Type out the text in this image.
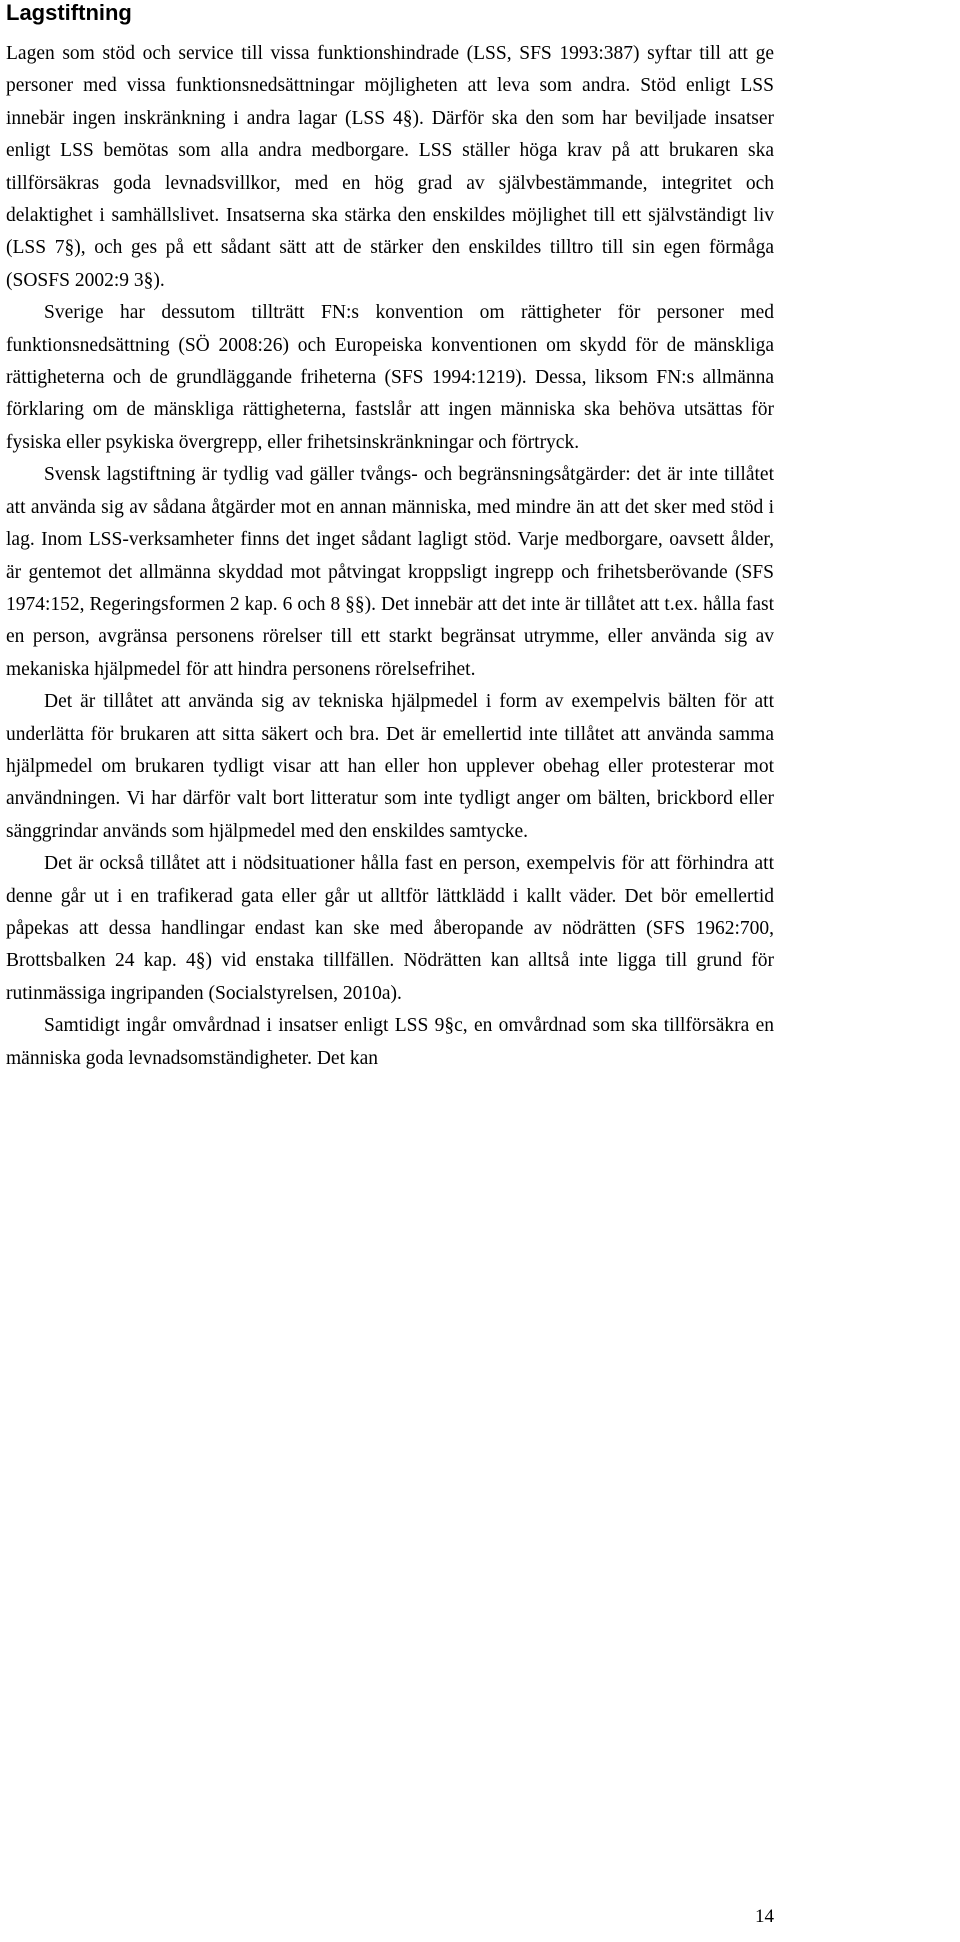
Lagstiftning

Lagen som stöd och service till vissa funktionshindrade (LSS, SFS 1993:387) syftar till att ge personer med vissa funktionsnedsättningar möjligheten att leva som andra. Stöd enligt LSS innebär ingen inskränkning i andra lagar (LSS 4§). Därför ska den som har beviljade insatser enligt LSS bemötas som alla andra medborgare. LSS ställer höga krav på att brukaren ska tillförsäkras goda levnadsvillkor, med en hög grad av självbestämmande, integritet och delaktighet i samhällslivet. Insatserna ska stärka den enskildes möjlighet till ett självständigt liv (LSS 7§), och ges på ett sådant sätt att de stärker den enskildes tilltro till sin egen förmåga (SOSFS 2002:9 3§).

Sverige har dessutom tillträtt FN:s konvention om rättigheter för personer med funktionsnedsättning (SÖ 2008:26) och Europeiska konventionen om skydd för de mänskliga rättigheterna och de grundläggande friheterna (SFS 1994:1219). Dessa, liksom FN:s allmänna förklaring om de mänskliga rättigheterna, fastslår att ingen människa ska behöva utsättas för fysiska eller psykiska övergrepp, eller frihetsinskränkningar och förtryck.

Svensk lagstiftning är tydlig vad gäller tvångs- och begränsningsåtgärder: det är inte tillåtet att använda sig av sådana åtgärder mot en annan människa, med mindre än att det sker med stöd i lag. Inom LSS-verksamheter finns det inget sådant lagligt stöd. Varje medborgare, oavsett ålder, är gentemot det allmänna skyddad mot påtvingat kroppsligt ingrepp och frihetsberövande (SFS 1974:152, Regeringsformen 2 kap. 6 och 8 §§). Det innebär att det inte är tillåtet att t.ex. hålla fast en person, avgränsa personens rörelser till ett starkt begränsat utrymme, eller använda sig av mekaniska hjälpmedel för att hindra personens rörelsefrihet.

Det är tillåtet att använda sig av tekniska hjälpmedel i form av exempelvis bälten för att underlätta för brukaren att sitta säkert och bra. Det är emellertid inte tillåtet att använda samma hjälpmedel om brukaren tydligt visar att han eller hon upplever obehag eller protesterar mot användningen. Vi har därför valt bort litteratur som inte tydligt anger om bälten, brickbord eller sänggrindar används som hjälpmedel med den enskildes samtycke.

Det är också tillåtet att i nödsituationer hålla fast en person, exempelvis för att förhindra att denne går ut i en trafikerad gata eller går ut alltför lättklädd i kallt väder. Det bör emellertid påpekas att dessa handlingar endast kan ske med åberopande av nödrätten (SFS 1962:700, Brottsbalken 24 kap. 4§) vid enstaka tillfällen. Nödrätten kan alltså inte ligga till grund för rutinmässiga ingripanden (Socialstyrelsen, 2010a).

Samtidigt ingår omvårdnad i insatser enligt LSS 9§c, en omvårdnad som ska tillförsäkra en människa goda levnadsomständigheter. Det kan

14
